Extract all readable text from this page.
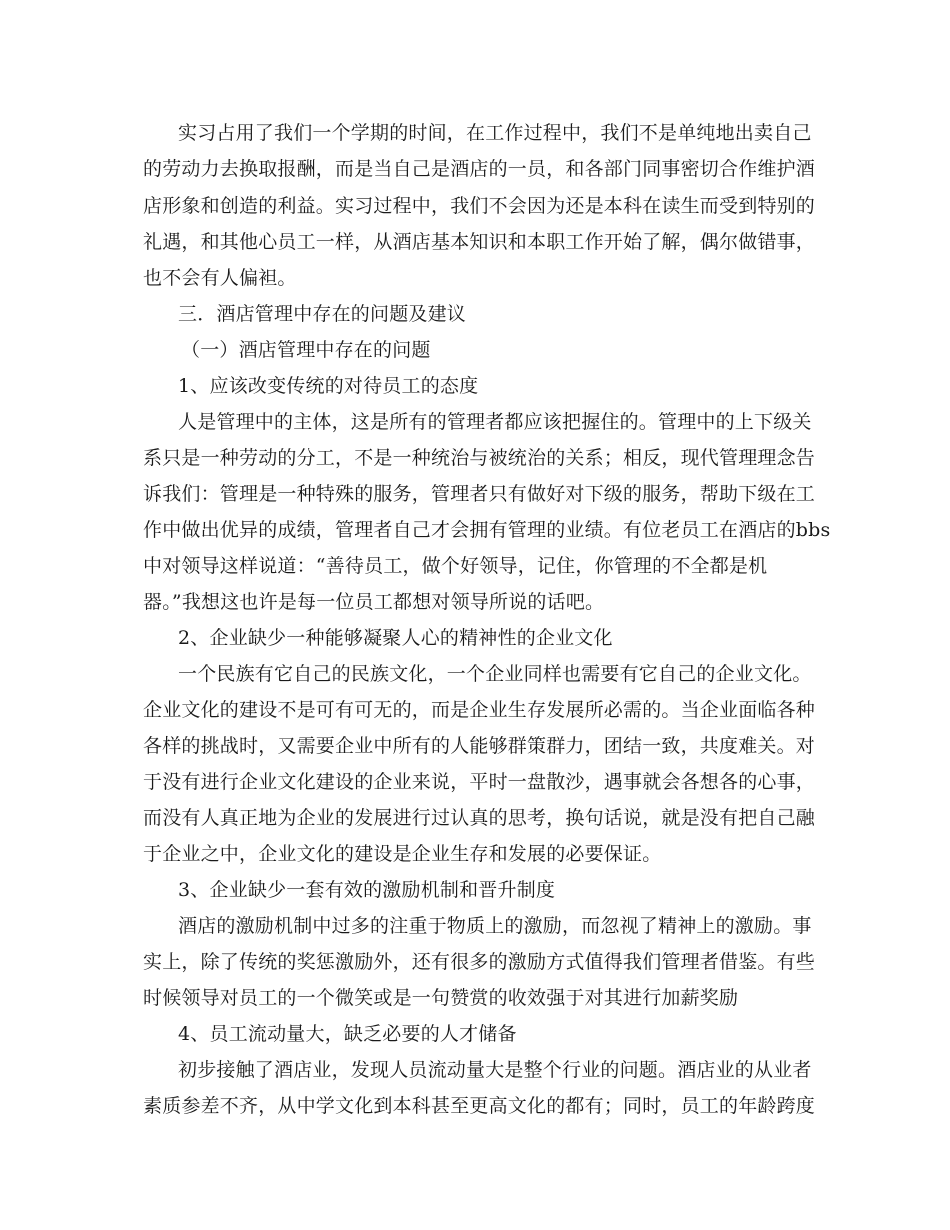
实习占用了我们一个学期的时间，在工作过程中，我们不是单纯地出卖自己
的劳动力去换取报酬，而是当自己是酒店的一员，和各部门同事密切合作维护酒
店形象和创造的利益。实习过程中，我们不会因为还是本科在读生而受到特别的
礼遇，和其他心员工一样，从酒店基本知识和本职工作开始了解，偶尔做错事，
也不会有人偏袒。
三．酒店管理中存在的问题及建议
（一）酒店管理中存在的问题
1、应该改变传统的对待员工的态度
人是管理中的主体，这是所有的管理者都应该把握住的。管理中的上下级关
系只是一种劳动的分工，不是一种统治与被统治的关系；相反，现代管理理念告
诉我们：管理是一种特殊的服务，管理者只有做好对下级的服务，帮助下级在工
作中做出优异的成绩，管理者自己才会拥有管理的业绩。有位老员工在酒店的bbs
中对领导这样说道：“善待员工，做个好领导，记住，你管理的不全都是机
器。”我想这也许是每一位员工都想对领导所说的话吧。
2、企业缺少一种能够凝聚人心的精神性的企业文化
一个民族有它自己的民族文化，一个企业同样也需要有它自己的企业文化。
企业文化的建设不是可有可无的，而是企业生存发展所必需的。当企业面临各种
各样的挑战时，又需要企业中所有的人能够群策群力，团结一致，共度难关。对
于没有进行企业文化建设的企业来说，平时一盘散沙，遇事就会各想各的心事，
而没有人真正地为企业的发展进行过认真的思考，换句话说，就是没有把自己融
于企业之中，企业文化的建设是企业生存和发展的必要保证。
3、企业缺少一套有效的激励机制和晋升制度
酒店的激励机制中过多的注重于物质上的激励，而忽视了精神上的激励。事
实上，除了传统的奖惩激励外，还有很多的激励方式值得我们管理者借鉴。有些
时候领导对员工的一个微笑或是一句赞赏的收效强于对其进行加薪奖励
4、员工流动量大，缺乏必要的人才储备
初步接触了酒店业，发现人员流动量大是整个行业的问题。酒店业的从业者
素质参差不齐，从中学文化到本科甚至更高文化的都有；同时，员工的年龄跨度
